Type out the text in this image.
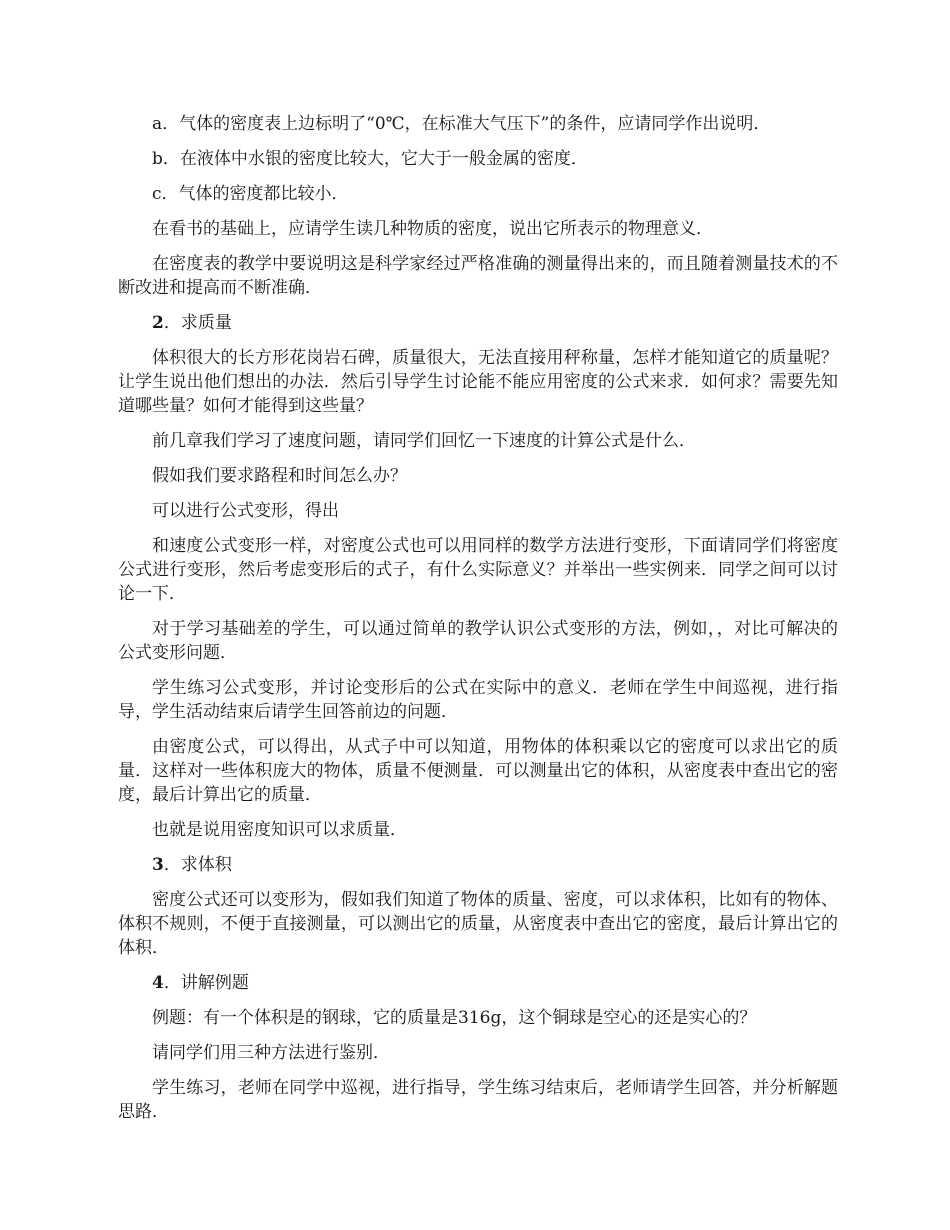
a．气体的密度表上边标明了“0℃，在标准大气压下”的条件，应请同学作出说明．

b．在液体中水银的密度比较大，它大于一般金属的密度．

c．气体的密度都比较小．

在看书的基础上，应请学生读几种物质的密度，说出它所表示的物理意义．

在密度表的教学中要说明这是科学家经过严格准确的测量得出来的，而且随着测量技术的不断改进和提高而不断准确．

2．求质量

体积很大的长方形花岗岩石碑，质量很大，无法直接用秤称量，怎样才能知道它的质量呢？让学生说出他们想出的办法．然后引导学生讨论能不能应用密度的公式来求．如何求？需要先知道哪些量？如何才能得到这些量？

前几章我们学习了速度问题，请同学们回忆一下速度的计算公式是什么．

假如我们要求路程和时间怎么办？

可以进行公式变形，得出

和速度公式变形一样，对密度公式也可以用同样的数学方法进行变形，下面请同学们将密度公式进行变形，然后考虑变形后的式子，有什么实际意义？并举出一些实例来．同学之间可以讨论一下．

对于学习基础差的学生，可以通过简单的教学认识公式变形的方法，例如，，对比可解决的公式变形问题．

学生练习公式变形，并讨论变形后的公式在实际中的意义．老师在学生中间巡视，进行指导，学生活动结束后请学生回答前边的问题．

由密度公式，可以得出，从式子中可以知道，用物体的体积乘以它的密度可以求出它的质量．这样对一些体积庞大的物体，质量不便测量．可以测量出它的体积，从密度表中查出它的密度，最后计算出它的质量．

也就是说用密度知识可以求质量．

3．求体积

密度公式还可以变形为，假如我们知道了物体的质量、密度，可以求体积，比如有的物体、体积不规则，不便于直接测量，可以测出它的质量，从密度表中查出它的密度，最后计算出它的体积．

4．讲解例题

例题：有一个体积是的钢球，它的质量是316g，这个铜球是空心的还是实心的？

请同学们用三种方法进行鉴别．

学生练习，老师在同学中巡视，进行指导，学生练习结束后，老师请学生回答，并分析解题思路．
